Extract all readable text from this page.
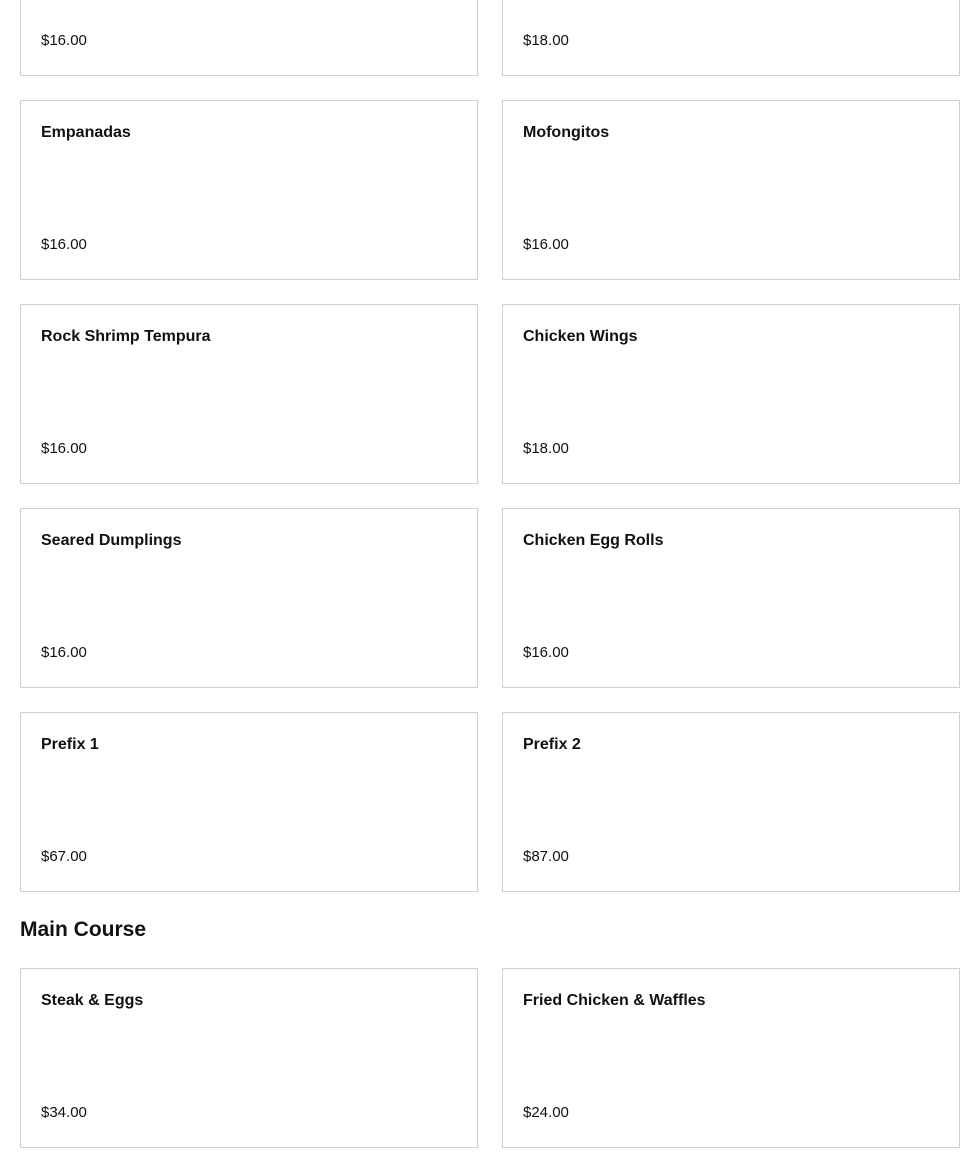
$16.00	$18.00
Empanadas
$16.00
Mofongitos
$16.00
Rock Shrimp Tempura
$16.00
Chicken Wings
$18.00
Seared Dumplings
$16.00
Chicken Egg Rolls
$16.00
Prefix 1
$67.00
Prefix 2
$87.00
Main Course
Steak & Eggs
$34.00
Fried Chicken & Waffles
$24.00
